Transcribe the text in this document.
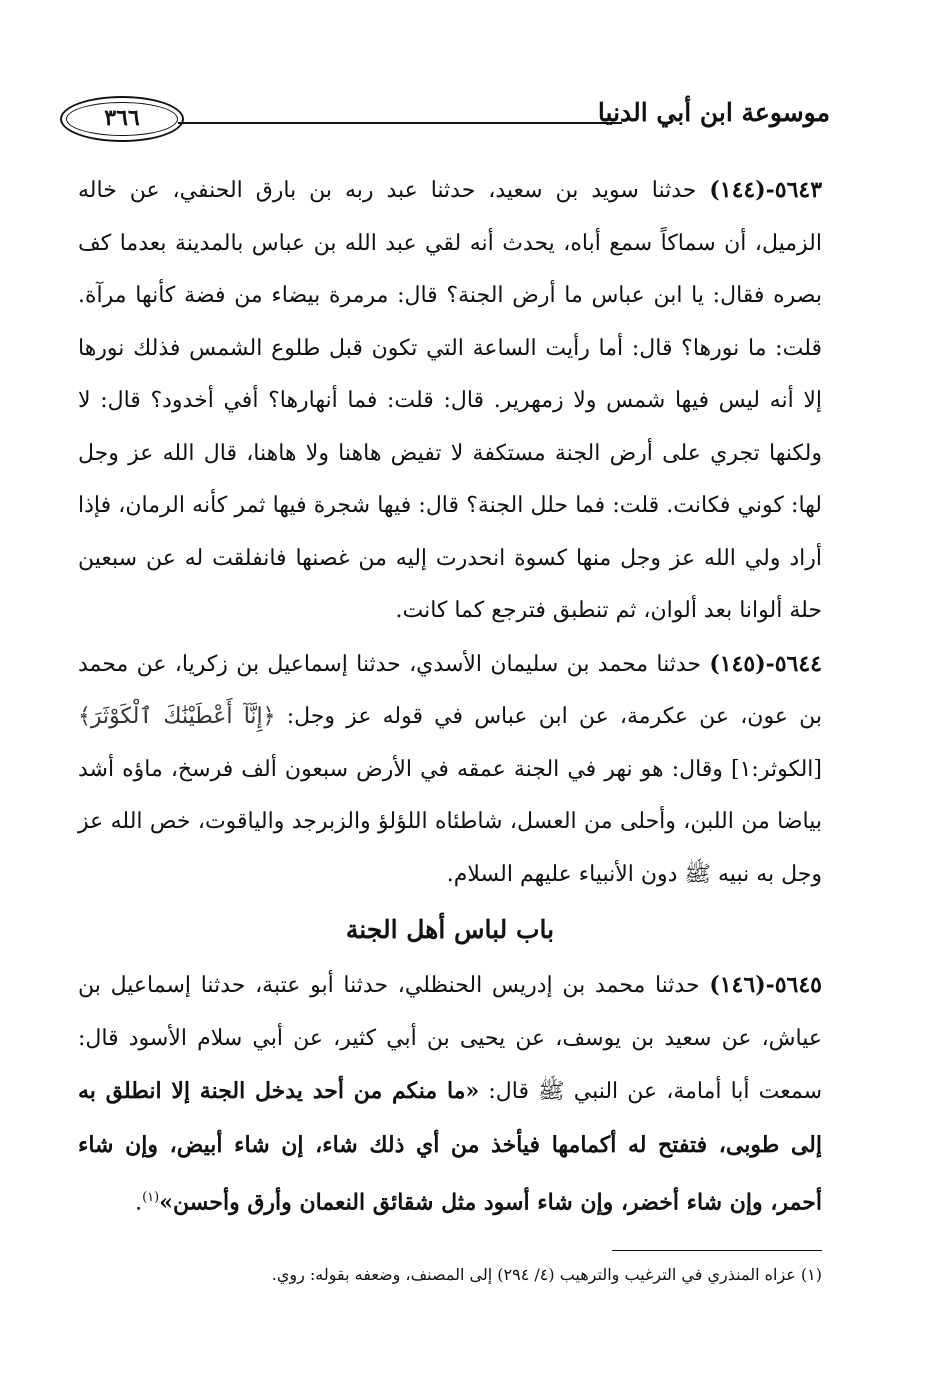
موسوعة ابن أبي الدنيا
٣٦٦

٥٦٤٣-(١٤٤) حدثنا سويد بن سعيد، حدثنا عبد ربه بن بارق الحنفي، عن خاله الزميل، أن سماكاً سمع أباه، يحدث أنه لقي عبد الله بن عباس بالمدينة بعدما كف بصره فقال: يا ابن عباس ما أرض الجنة؟ قال: مرمرة بيضاء من فضة كأنها مرآة. قلت: ما نورها؟ قال: أما رأيت الساعة التي تكون قبل طلوع الشمس فذلك نورها إلا أنه ليس فيها شمس ولا زمهرير. قال: قلت: فما أنهارها؟ أفي أخدود؟ قال: لا ولكنها تجري على أرض الجنة مستكفة لا تفيض هاهنا ولا هاهنا، قال الله عز وجل لها: كوني فكانت. قلت: فما حلل الجنة؟ قال: فيها شجرة فيها ثمر كأنه الرمان، فإذا أراد ولي الله عز وجل منها كسوة انحدرت إليه من غصنها فانفلقت له عن سبعين حلة ألوانا بعد ألوان، ثم تنطبق فترجع كما كانت.

٥٦٤٤-(١٤٥) حدثنا محمد بن سليمان الأسدي، حدثنا إسماعيل بن زكريا، عن محمد بن عون، عن عكرمة، عن ابن عباس في قوله عز وجل: ﴿إِنَّآ أَعْطَيْنَٰكَ ٱلْكَوْثَرَ﴾ [الكوثر:١] وقال: هو نهر في الجنة عمقه في الأرض سبعون ألف فرسخ، ماؤه أشد بياضا من اللبن، وأحلى من العسل، شاطئاه اللؤلؤ والزبرجد والياقوت، خص الله عز وجل به نبيه ﷺ دون الأنبياء عليهم السلام.

باب لباس أهل الجنة

٥٦٤٥-(١٤٦) حدثنا محمد بن إدريس الحنظلي، حدثنا أبو عتبة، حدثنا إسماعيل بن عياش، عن سعيد بن يوسف، عن يحيى بن أبي كثير، عن أبي سلام الأسود قال: سمعت أبا أمامة، عن النبي ﷺ قال: «ما منكم من أحد يدخل الجنة إلا انطلق به إلى طوبى، فتفتح له أكمامها فيأخذ من أي ذلك شاء، إن شاء أبيض، وإن شاء أحمر، وإن شاء أخضر، وإن شاء أسود مثل شقائق النعمان وأرق وأحسن»$^{(١)}$.

(١) عزاه المنذري في الترغيب والترهيب (٤/ ٢٩٤) إلى المصنف، وضعفه بقوله: روي.
